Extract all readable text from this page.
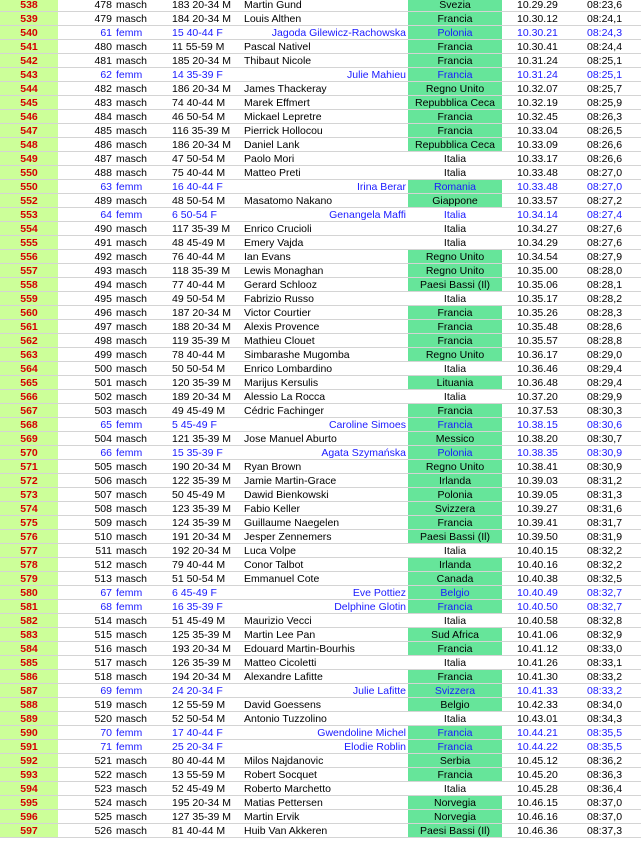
538	478 masch	183 20-34 M	Martin Gund	Svezia	10.29.29	08:23,6
539	479 masch	184 20-34 M	Louis Althen	Francia	10.30.12	08:24,1
540	61 femm	15 40-44 F	Jagoda Gilewicz-Rachowska	Polonia	10.30.21	08:24,3
541	480 masch	11 55-59 M	Pascal Nativel	Francia	10.30.41	08:24,4
542	481 masch	185 20-34 M	Thibaut Nicole	Francia	10.31.24	08:25,1
543	62 femm	14 35-39 F	Julie Mahieu	Francia	10.31.24	08:25,1
544	482 masch	186 20-34 M	James Thackeray	Regno Unito	10.32.07	08:25,7
545	483 masch	74 40-44 M	Marek Effmert	Repubblica Ceca	10.32.19	08:25,9
546	484 masch	46 50-54 M	Mickael Lepretre	Francia	10.32.45	08:26,3
547	485 masch	116 35-39 M	Pierrick Hollocou	Francia	10.33.04	08:26,5
548	486 masch	186 20-34 M	Daniel Lank	Repubblica Ceca	10.33.09	08:26,6
549	487 masch	47 50-54 M	Paolo Mori	Italia	10.33.17	08:26,6
550	488 masch	75 40-44 M	Matteo Preti	Italia	10.33.48	08:27,0
550	63 femm	16 40-44 F	Irina Berar	Romania	10.33.48	08:27,0
552	489 masch	48 50-54 M	Masatomo Nakano	Giappone	10.33.57	08:27,2
553	64 femm	6 50-54 F	Genangela Maffi	Italia	10.34.14	08:27,4
554	490 masch	117 35-39 M	Enrico Crucioli	Italia	10.34.27	08:27,6
555	491 masch	48 45-49 M	Emery Vajda	Italia	10.34.29	08:27,6
556	492 masch	76 40-44 M	Ian Evans	Regno Unito	10.34.54	08:27,9
557	493 masch	118 35-39 M	Lewis Monaghan	Regno Unito	10.35.00	08:28,0
558	494 masch	77 40-44 M	Gerard Schlooz	Paesi Bassi (Il)	10.35.06	08:28,1
559	495 masch	49 50-54 M	Fabrizio Russo	Italia	10.35.17	08:28,2
560	496 masch	187 20-34 M	Victor Courtier	Francia	10.35.26	08:28,3
561	497 masch	188 20-34 M	Alexis Provence	Francia	10.35.48	08:28,6
562	498 masch	119 35-39 M	Mathieu Clouet	Francia	10.35.57	08:28,8
563	499 masch	78 40-44 M	Simbarashe Mugomba	Regno Unito	10.36.17	08:29,0
564	500 masch	50 50-54 M	Enrico Lombardino	Italia	10.36.46	08:29,4
565	501 masch	120 35-39 M	Marijus Kersulis	Lituania	10.36.48	08:29,4
566	502 masch	189 20-34 M	Alessio La Rocca	Italia	10.37.20	08:29,9
567	503 masch	49 45-49 M	Cédric Fachinger	Francia	10.37.53	08:30,3
568	65 femm	5 45-49 F	Caroline Simoes	Francia	10.38.15	08:30,6
569	504 masch	121 35-39 M	Jose Manuel Aburto	Messico	10.38.20	08:30,7
570	66 femm	15 35-39 F	Agata Szymańska	Polonia	10.38.35	08:30,9
571	505 masch	190 20-34 M	Ryan Brown	Regno Unito	10.38.41	08:30,9
572	506 masch	122 35-39 M	Jamie Martin-Grace	Irlanda	10.39.03	08:31,2
573	507 masch	50 45-49 M	Dawid Bienkowski	Polonia	10.39.05	08:31,3
574	508 masch	123 35-39 M	Fabio Keller	Svizzera	10.39.27	08:31,6
575	509 masch	124 35-39 M	Guillaume Naegelen	Francia	10.39.41	08:31,7
576	510 masch	191 20-34 M	Jesper Zennemers	Paesi Bassi (Il)	10.39.50	08:31,9
577	511 masch	192 20-34 M	Luca Volpe	Italia	10.40.15	08:32,2
578	512 masch	79 40-44 M	Conor Talbot	Irlanda	10.40.16	08:32,2
579	513 masch	51 50-54 M	Emmanuel Cote	Canada	10.40.38	08:32,5
580	67 femm	6 45-49 F	Eve Pottiez	Belgio	10.40.49	08:32,7
581	68 femm	16 35-39 F	Delphine Glotin	Francia	10.40.50	08:32,7
582	514 masch	51 45-49 M	Maurizio Vecci	Italia	10.40.58	08:32,8
583	515 masch	125 35-39 M	Martin Lee Pan	Sud Africa	10.41.06	08:32,9
584	516 masch	193 20-34 M	Edouard Martin-Bourhis	Francia	10.41.12	08:33,0
585	517 masch	126 35-39 M	Matteo Cicoletti	Italia	10.41.26	08:33,1
586	518 masch	194 20-34 M	Alexandre Lafitte	Francia	10.41.30	08:33,2
587	69 femm	24 20-34 F	Julie Lafitte	Svizzera	10.41.33	08:33,2
588	519 masch	12 55-59 M	David Goessens	Belgio	10.42.33	08:34,0
589	520 masch	52 50-54 M	Antonio Tuzzolino	Italia	10.43.01	08:34,3
590	70 femm	17 40-44 F	Gwendoline Michel	Francia	10.44.21	08:35,5
591	71 femm	25 20-34 F	Elodie Roblin	Francia	10.44.22	08:35,5
592	521 masch	80 40-44 M	Milos Najdanovic	Serbia	10.45.12	08:36,2
593	522 masch	13 55-59 M	Robert Socquet	Francia	10.45.20	08:36,3
594	523 masch	52 45-49 M	Roberto Marchetto	Italia	10.45.28	08:36,4
595	524 masch	195 20-34 M	Matias Pettersen	Norvegia	10.46.15	08:37,0
596	525 masch	127 35-39 M	Martin Ervik	Norvegia	10.46.16	08:37,0
597	526 masch	81 40-44 M	Huib Van Akkeren	Paesi Bassi (Il)	10.46.36	08:37,3
